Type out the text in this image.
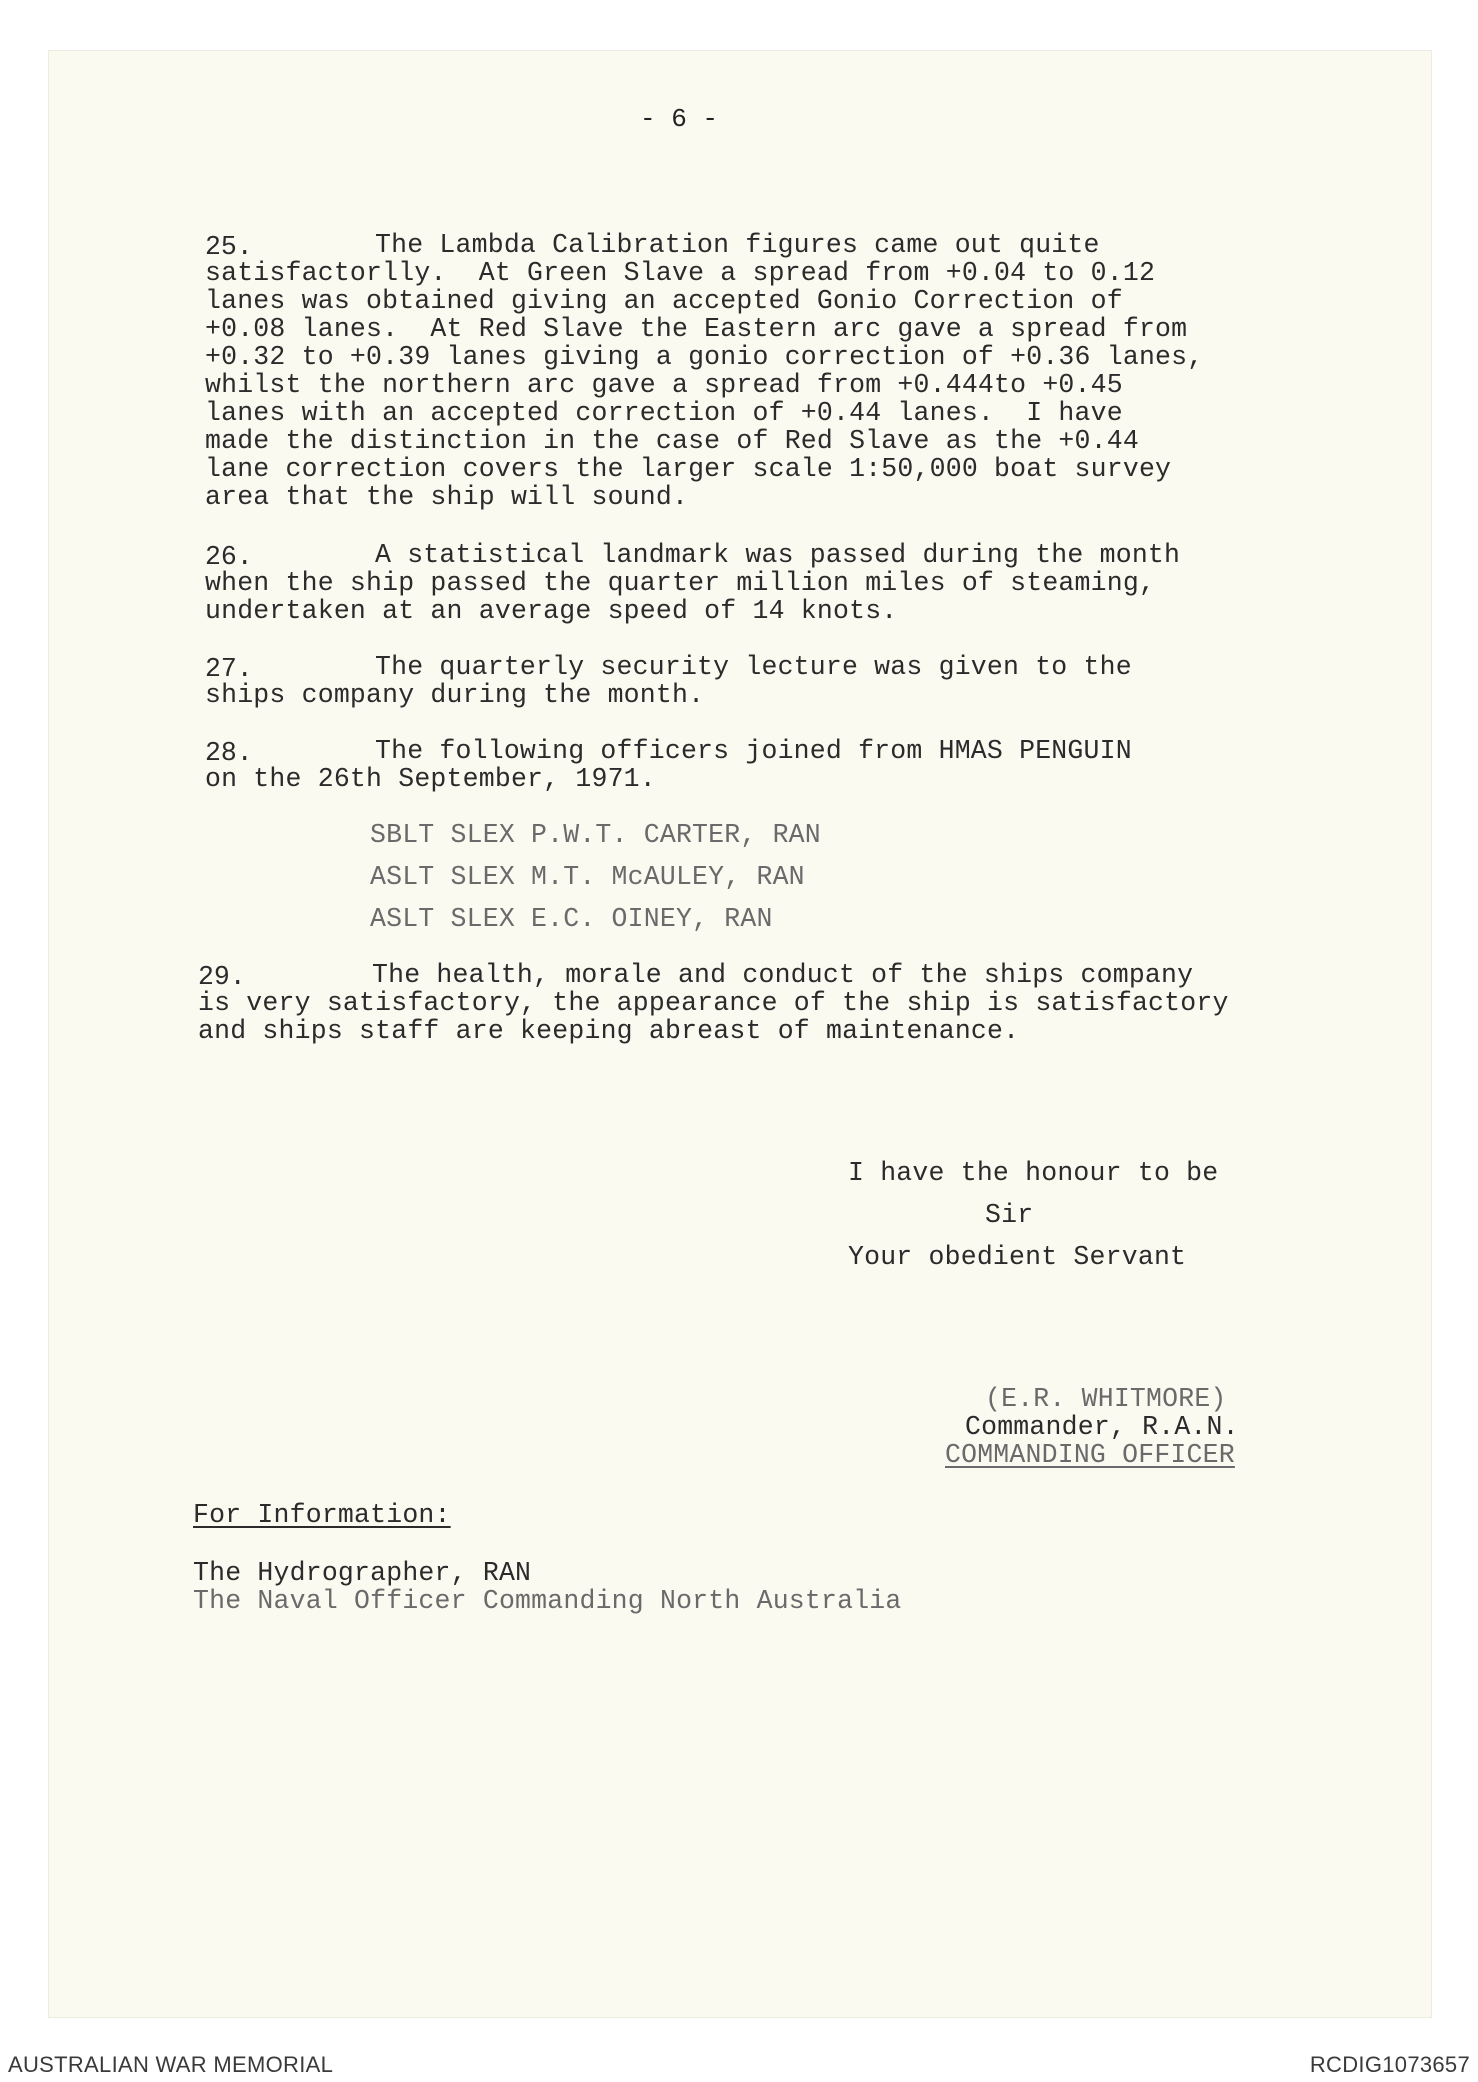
- 6 -
25.	The Lambda Calibration figures came out quite
satisfactorlly.  At Green Slave a spread from +0.04 to 0.12
lanes was obtained giving an accepted Gonio Correction of
+0.08 lanes.  At Red Slave the Eastern arc gave a spread from
+0.32 to +0.39 lanes giving a gonio correction of +0.36 lanes,
whilst the northern arc gave a spread from +0.444to +0.45
lanes with an accepted correction of +0.44 lanes.  I have
made the distinction in the case of Red Slave as the +0.44
lane correction covers the larger scale 1:50,000 boat survey
area that the ship will sound.
26.	A statistical landmark was passed during the month
when the ship passed the quarter million miles of steaming,
undertaken at an average speed of 14 knots.
27.	The quarterly security lecture was given to the
ships company during the month.
28.	The following officers joined from HMAS PENGUIN
on the 26th September, 1971.
SBLT SLEX P.W.T. CARTER, RAN
ASLT SLEX M.T. McAULEY, RAN
ASLT SLEX E.C. OINEY, RAN
29.	The health, morale and conduct of the ships company
is very satisfactory, the appearance of the ship is satisfactory
and ships staff are keeping abreast of maintenance.
I have the honour to be
Sir
Your obedient Servant
(E.R. WHITMORE)
Commander, R.A.N.
COMMANDING OFFICER
For Information:
The Hydrographer, RAN
The Naval Officer Commanding North Australia
AUSTRALIAN WAR MEMORIAL	RCDIG1073657
